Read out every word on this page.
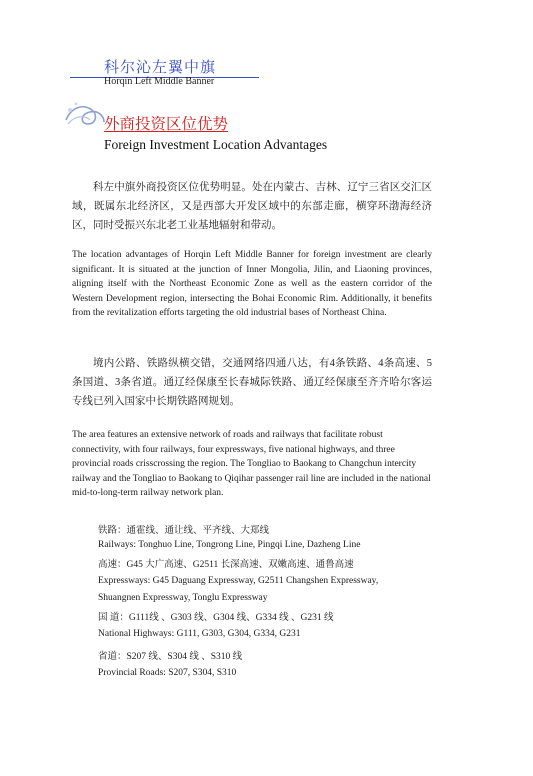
科尔沁左翼中旗
Horqin Left Middle Banner
外商投资区位优势
Foreign Investment Location Advantages
科左中旗外商投资区位优势明显。处在内蒙古、吉林、辽宁三省区交汇区域，既属东北经济区，又是西部大开发区域中的东部走廊，横穿环渤海经济区，同时受振兴东北老工业基地辐射和带动。
The location advantages of Horqin Left Middle Banner for foreign investment are clearly significant. It is situated at the junction of Inner Mongolia, Jilin, and Liaoning provinces, aligning itself with the Northeast Economic Zone as well as the eastern corridor of the Western Development region, intersecting the Bohai Economic Rim. Additionally, it benefits from the revitalization efforts targeting the old industrial bases of Northeast China.
境内公路、铁路纵横交错，交通网络四通八达，有4条铁路、4条高速、5条国道、3条省道。通辽经保康至长春城际铁路、通辽经保康至齐齐哈尔客运专线已列入国家中长期铁路网规划。
The area features an extensive network of roads and railways that facilitate robust connectivity, with four railways, four expressways, five national highways, and three provincial roads crisscrossing the region. The Tongliao to Baokang to Changchun intercity railway and the Tongliao to Baokang to Qiqihar passenger rail line are included in the national mid-to-long-term railway network plan.
铁路：通霍线、通让线、平齐线、大郑线
Railways: Tonghuo Line, Tongrong Line, Pingqi Line, Dazheng Line
高速：G45 大广高速、G2511 长深高速、双嫩高速、通鲁高速
Expressways: G45 Daguang Expressway, G2511 Changshen Expressway,
Shuangnen Expressway, Tonglu Expressway
国 道：G111线 、G303 线、G304 线、G334 线 、G231 线
National Highways: G111, G303, G304, G334, G231
省道：S207 线、S304 线 、S310 线
Provincial Roads: S207, S304, S310
